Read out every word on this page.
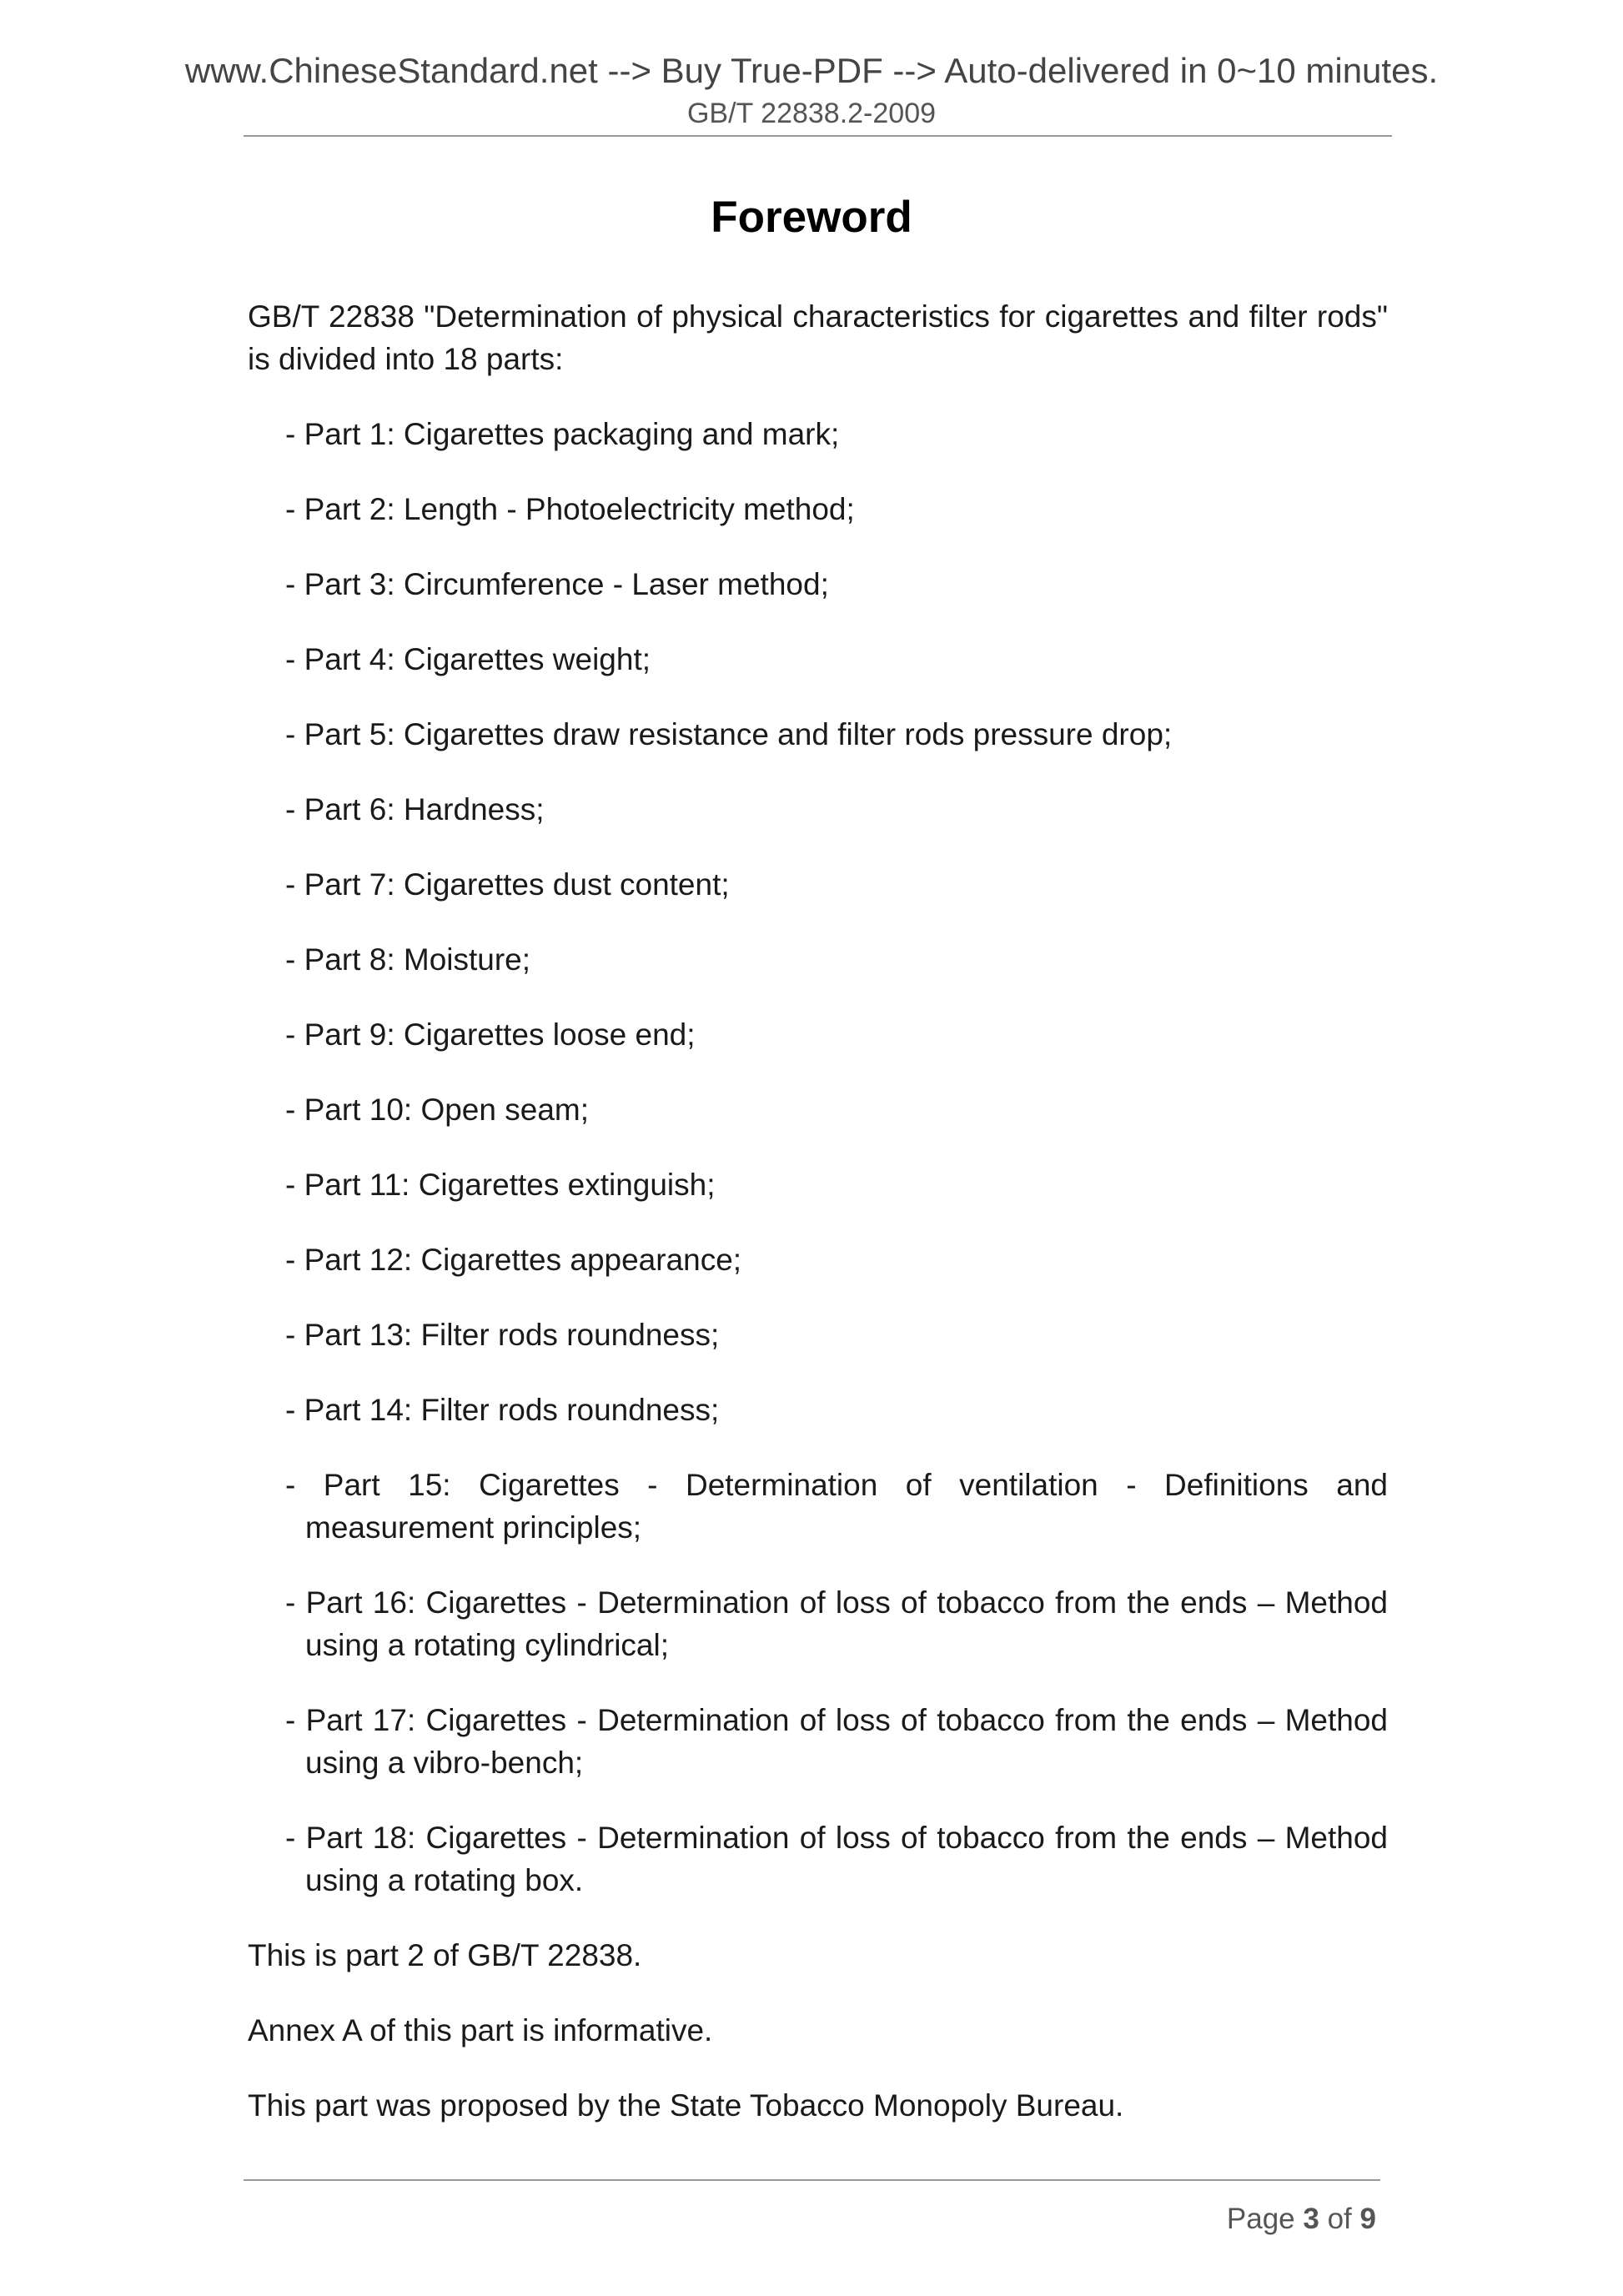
www.ChineseStandard.net --> Buy True-PDF --> Auto-delivered in 0~10 minutes.
GB/T 22838.2-2009
Foreword

GB/T 22838 "Determination of physical characteristics for cigarettes and filter rods" is divided into 18 parts:

- Part 1: Cigarettes packaging and mark;

- Part 2: Length - Photoelectricity method;

- Part 3: Circumference - Laser method;

- Part 4: Cigarettes weight;

- Part 5: Cigarettes draw resistance and filter rods pressure drop;

- Part 6: Hardness;

- Part 7: Cigarettes dust content;

- Part 8: Moisture;

- Part 9: Cigarettes loose end;

- Part 10: Open seam;

- Part 11: Cigarettes extinguish;

- Part 12: Cigarettes appearance;

- Part 13: Filter rods roundness;

- Part 14: Filter rods roundness;

- Part 15: Cigarettes - Determination of ventilation - Definitions and measurement principles;

- Part 16: Cigarettes - Determination of loss of tobacco from the ends – Method using a rotating cylindrical;

- Part 17: Cigarettes - Determination of loss of tobacco from the ends – Method using a vibro-bench;

- Part 18: Cigarettes - Determination of loss of tobacco from the ends – Method using a rotating box.

This is part 2 of GB/T 22838.

Annex A of this part is informative.

This part was proposed by the State Tobacco Monopoly Bureau.

Page 3 of 9
